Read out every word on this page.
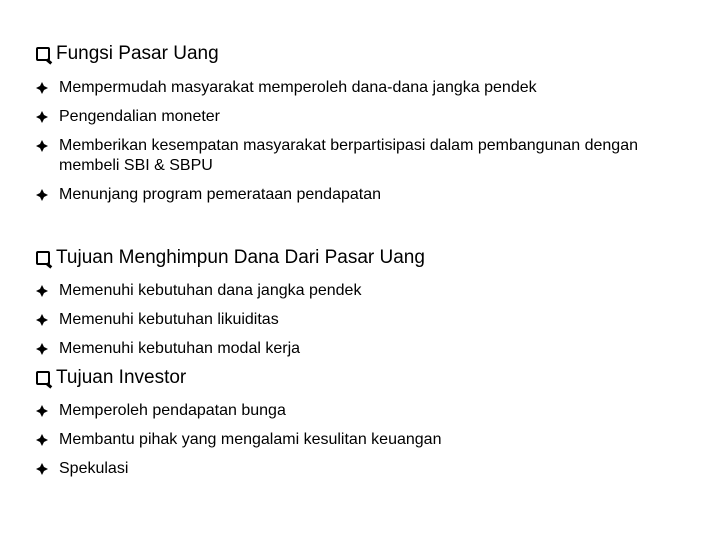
Fungsi Pasar Uang
Mempermudah masyarakat memperoleh dana-dana jangka pendek
Pengendalian moneter
Memberikan kesempatan masyarakat berpartisipasi dalam pembangunan dengan membeli SBI & SBPU
Menunjang program pemerataan pendapatan
Tujuan Menghimpun Dana Dari Pasar Uang
Memenuhi kebutuhan dana jangka pendek
Memenuhi kebutuhan likuiditas
Memenuhi kebutuhan modal kerja
Tujuan Investor
Memperoleh pendapatan bunga
Membantu pihak yang mengalami kesulitan keuangan
Spekulasi
